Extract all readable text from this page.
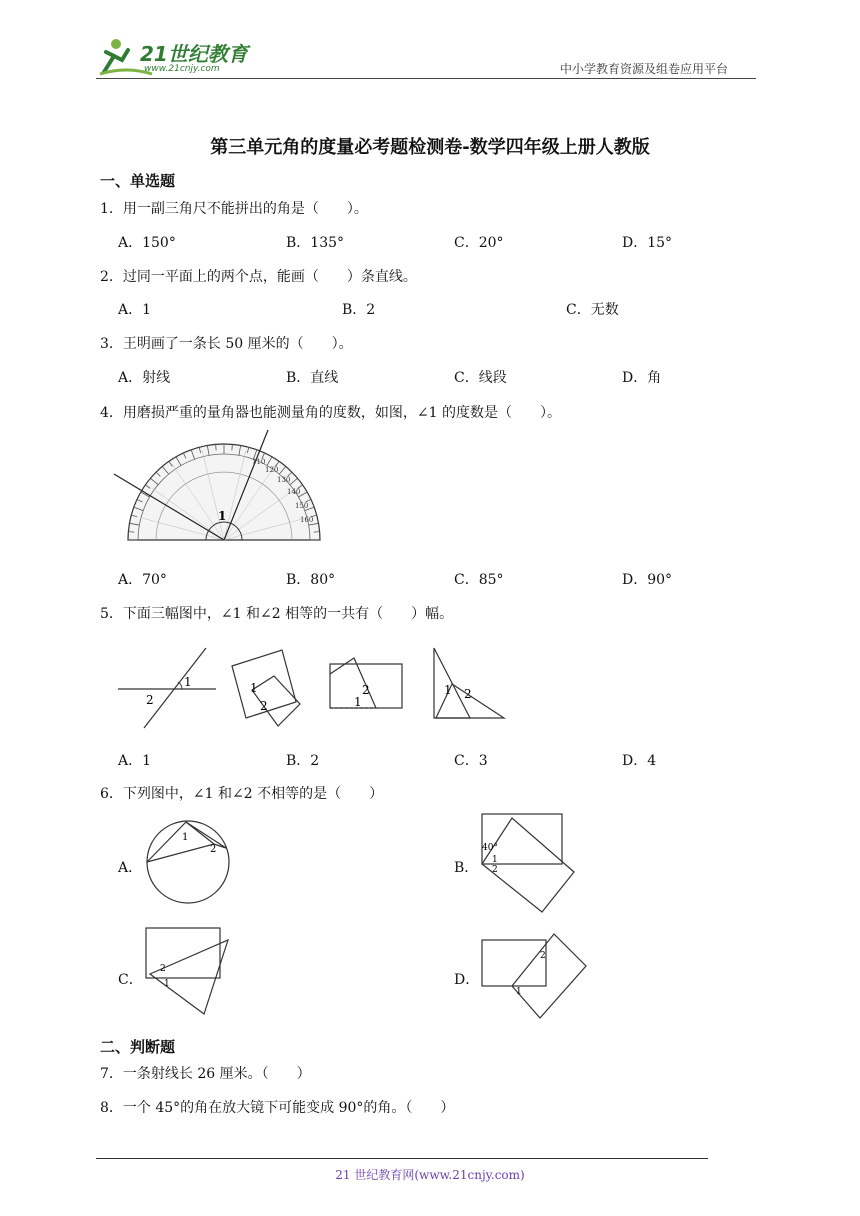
21世纪教育
www.21cnjy.com	中小学教育资源及组卷应用平台
第三单元角的度量必考题检测卷-数学四年级上册人教版
一、单选题
1．用一副三角尺不能拼出的角是（　　）。
A．150°	B．135°	C．20°	D．15°
2．过同一平面上的两个点，能画（　　）条直线。
A．1	B．2	C．无数
3．王明画了一条长 50 厘米的（　　）。
A．射线	B．直线	C．线段	D．角
4．用磨损严重的量角器也能测量角的度数，如图，∠1 的度数是（　　）。
1
110
120
130
140
150
160
A．70°	B．80°	C．85°	D．90°
5．下面三幅图中，∠1 和∠2 相等的一共有（　　）幅。
1
2
1
2
2
1
1 2
A．1	B．2	C．3	D．4
6．下列图中，∠1 和∠2 不相等的是（　　）
A．
1
2
B．
40°
1
2
C．
2
1	D．
2
1
二、判断题
7．一条射线长 26 厘米。（　　）
8．一个 45°的角在放大镜下可能变成 90°的角。（　　）
21 世纪教育网(www.21cnjy.com)
